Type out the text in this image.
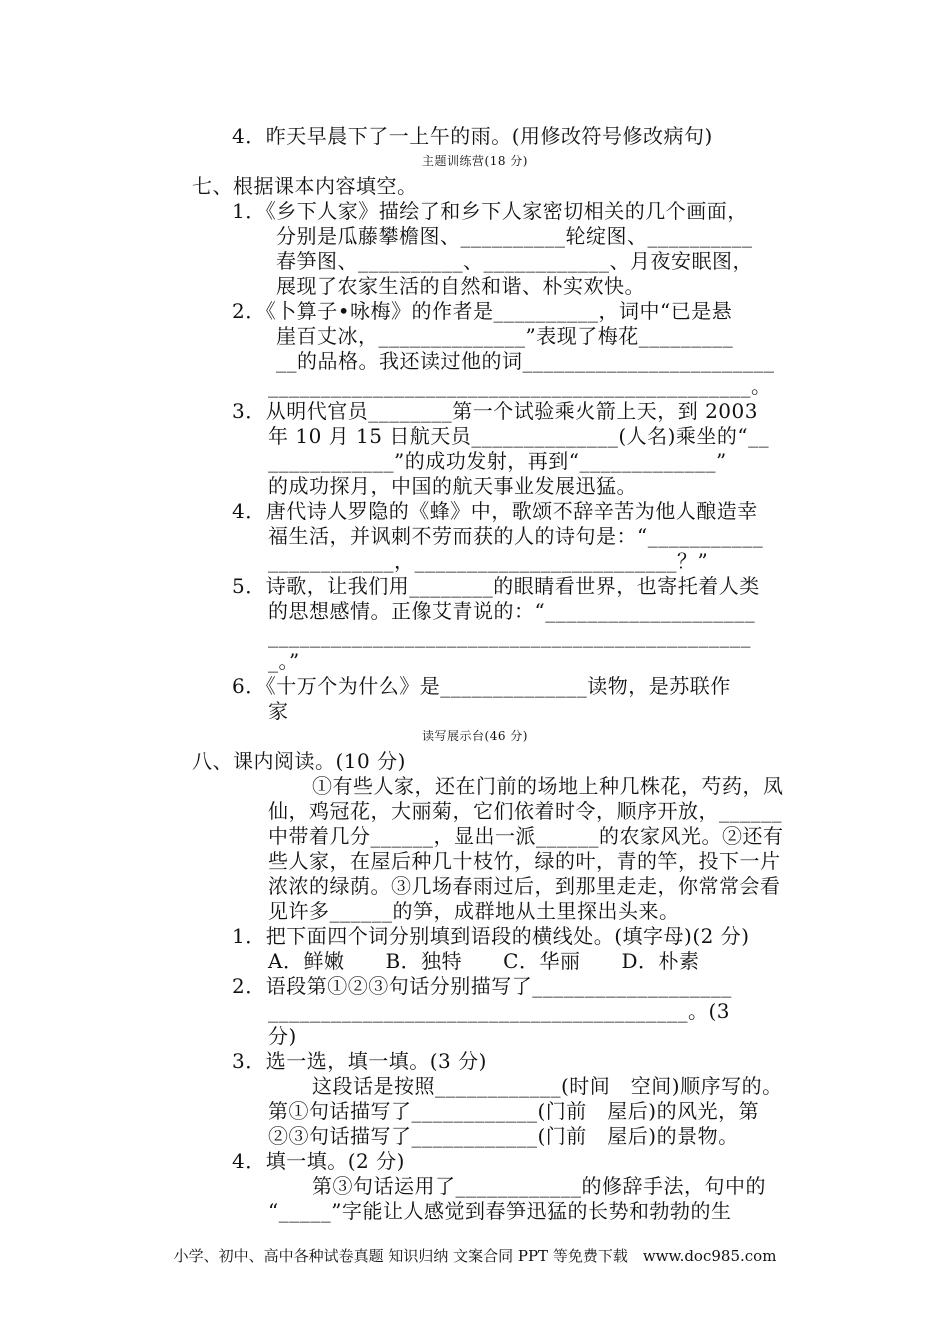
4．昨天早晨下了一上午的雨。(用修改符号修改病句)
主题训练营(18 分)
七、根据课本内容填空。
1．《乡下人家》描绘了和乡下人家密切相关的几个画面，
分别是瓜藤攀檐图、__________轮绽图、__________
春笋图、__________、____________、月夜安眠图，
展现了农家生活的自然和谐、朴实欢快。
2．《卜算子•咏梅》的作者是__________，词中“已是悬
崖百丈冰，______________”表现了梅花_________
__的品格。我还读过他的词________________________
______________________________________________。
3．从明代官员________第一个试验乘火箭上天，到 2003
年 10 月 15 日航天员______________(人名)乘坐的“__
____________”的成功发射，再到“_____________”
的成功探月，中国的航天事业发展迅猛。
4．唐代诗人罗隐的《蜂》中，歌颂不辞辛苦为他人酿造幸
福生活，并讽刺不劳而获的人的诗句是：“___________
____________，_________________________？”
5．诗歌，让我们用________的眼睛看世界，也寄托着人类
的思想感情。正像艾青说的：“____________________
______________________________________________
_。”
6．《十万个为什么》是______________读物，是苏联作
家
读写展示台(46 分)
八、课内阅读。(10 分)
①有些人家，还在门前的场地上种几株花，芍药，凤
仙，鸡冠花，大丽菊，它们依着时令，顺序开放，______
中带着几分______，显出一派______的农家风光。②还有
些人家，在屋后种几十枝竹，绿的叶，青的竿，投下一片
浓浓的绿荫。③几场春雨过后，到那里走走，你常常会看
见许多______的笋，成群地从土里探出头来。
1．把下面四个词分别填到语段的横线处。(填字母)(2 分)
A．鲜嫩　　B．独特　　C．华丽　　D．朴素
2．语段第①②③句话分别描写了___________________
________________________________________。(3
分)
3．选一选，填一填。(3 分)
这段话是按照____________(时间　空间)顺序写的。
第①句话描写了____________(门前　屋后)的风光，第
②③句话描写了____________(门前　屋后)的景物。
4．填一填。(2 分)
第③句话运用了____________的修辞手法，句中的
“_____”字能让人感觉到春笋迅猛的长势和勃勃的生
小学、初中、高中各种试卷真题 知识归纳 文案合同 PPT 等免费下载　www.doc985.com
